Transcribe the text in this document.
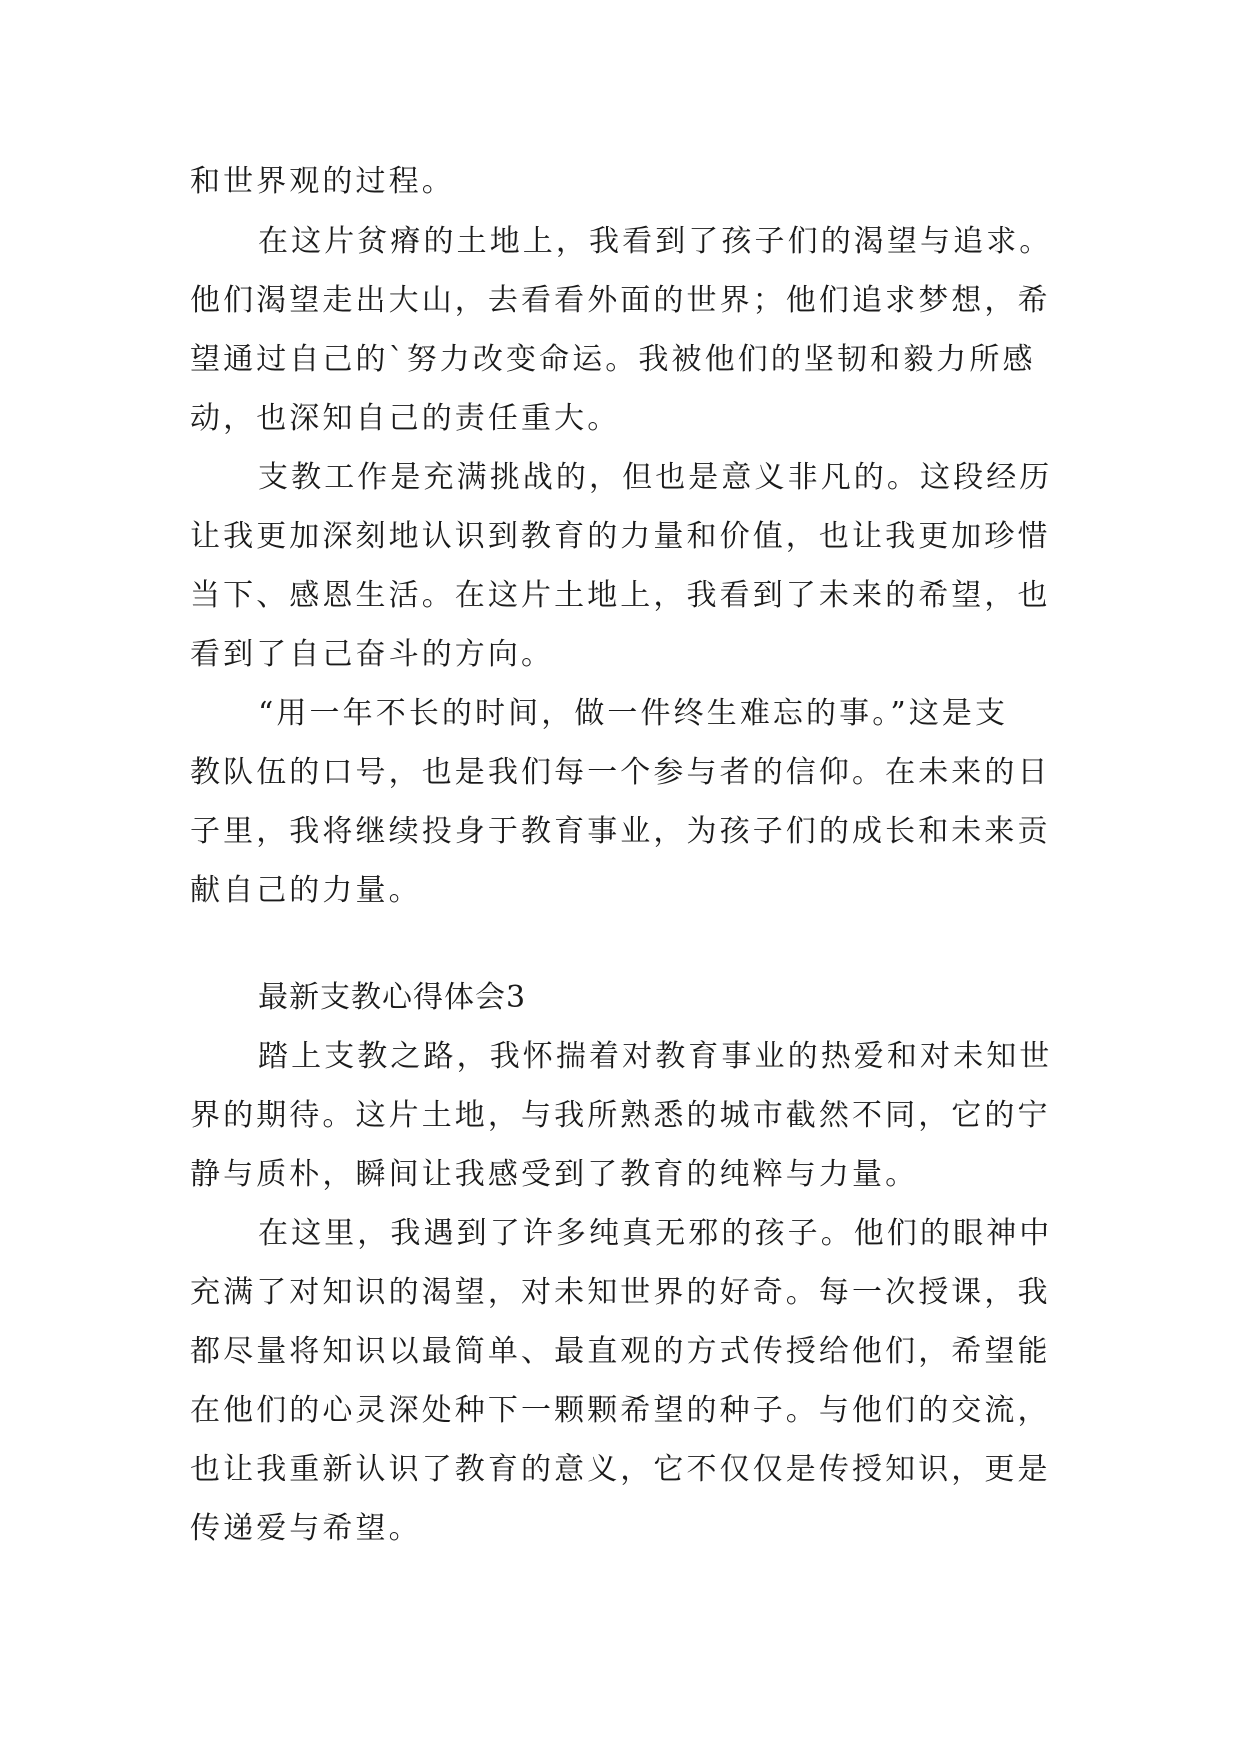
和世界观的过程。
在这片贫瘠的土地上，我看到了孩子们的渴望与追求。
他们渴望走出大山，去看看外面的世界；他们追求梦想，希
望通过自己的`努力改变命运。我被他们的坚韧和毅力所感
动，也深知自己的责任重大。
支教工作是充满挑战的，但也是意义非凡的。这段经历
让我更加深刻地认识到教育的力量和价值，也让我更加珍惜
当下、感恩生活。在这片土地上，我看到了未来的希望，也
看到了自己奋斗的方向。
“用一年不长的时间，做一件终生难忘的事。”这是支
教队伍的口号，也是我们每一个参与者的信仰。在未来的日
子里，我将继续投身于教育事业，为孩子们的成长和未来贡
献自己的力量。
最新支教心得体会3
踏上支教之路，我怀揣着对教育事业的热爱和对未知世
界的期待。这片土地，与我所熟悉的城市截然不同，它的宁
静与质朴，瞬间让我感受到了教育的纯粹与力量。
在这里，我遇到了许多纯真无邪的孩子。他们的眼神中
充满了对知识的渴望，对未知世界的好奇。每一次授课，我
都尽量将知识以最简单、最直观的方式传授给他们，希望能
在他们的心灵深处种下一颗颗希望的种子。与他们的交流，
也让我重新认识了教育的意义，它不仅仅是传授知识，更是
传递爱与希望。
